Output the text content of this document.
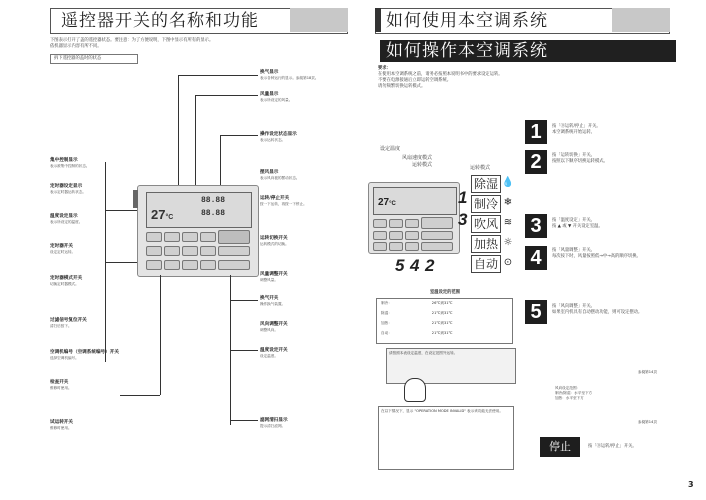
遥控器开关的名称和功能
下图表示打开了盖的遥控器状态。要注意：为了方便说明，下图中显示有所有的显示。
依机器显示内容有所不同。
拆下遥控器的盖时的状态
27°C
88.88
88.88
集中控制显示
表示被集中控制的状态。
定时器设定显示
表示定时器运转状态。
温度设定显示
表示所设定的温度。
定时器开关
设定定时运转。
定时器模式开关
切换定时器模式。
过滤信号复位开关
清扫后按下。
空调机编号（空调系统编号）开关
选择空调机编号。
检查开关
维修时使用。
试运转开关
维修时使用。
换气显示
表示各种运行的显示。参阅第18页。
风量显示
表示所设定的风量。
操作设定状态显示
表示运转状态。
摆风显示
表示风向板的摆动状态。
运转/停止开关
按一下运转，再按一下停止。
运转切换开关
运转模式的切换。
风量调整开关
调整风量。
换气开关
操作换气装置。
风向调整开关
调整风向。
温度设定开关
设定温度。
滤网清扫显示
提示清扫滤网。
如何使用本空调系统
如何操作本空调系统
要求：
在使用本空调系统之前，请务必按照本说明书中的要求设定运转。
不要在电源接通后立即运转空调系统。
请勿频繁切换运转模式。
设定温度
风扇速度模式
运转模式	运转模式
27°C	1
3
5 4 2
除湿 💧
制冷 ❄
吹风 ≋
加热 ☼
自动 ⊙
室温设定的范围
制冷：	26℃到31℃
除湿：	21℃到31℃
加热：	21℃到31℃
自动：	21℃到31℃
请按照本表设定温度，在设定范围外运转。
在以下情况下，显示 "OPERATION MODE INVALID" 表示该功能无法使用。
1	按「⓪运转/停止」开关。
本空调系统开始运转。
2	按「运转切换」开关。
按照以下顺序切换运转模式。
3	按「温度设定」开关。
按 ▲ 或 ▼ 开关设定室温。
4	按「风量调整」开关。
每次按下时，风量按照低→中→高的顺序切换。
5	按「风向调整」开关。
如果室内机具有自动摆动功能，则可设定摆动。
风向设定范围：
制冷/除湿：水平至下方
加热：水平至下方
参阅第14页
参阅第14页
停止	按「⓪运转/停止」开关。
3
